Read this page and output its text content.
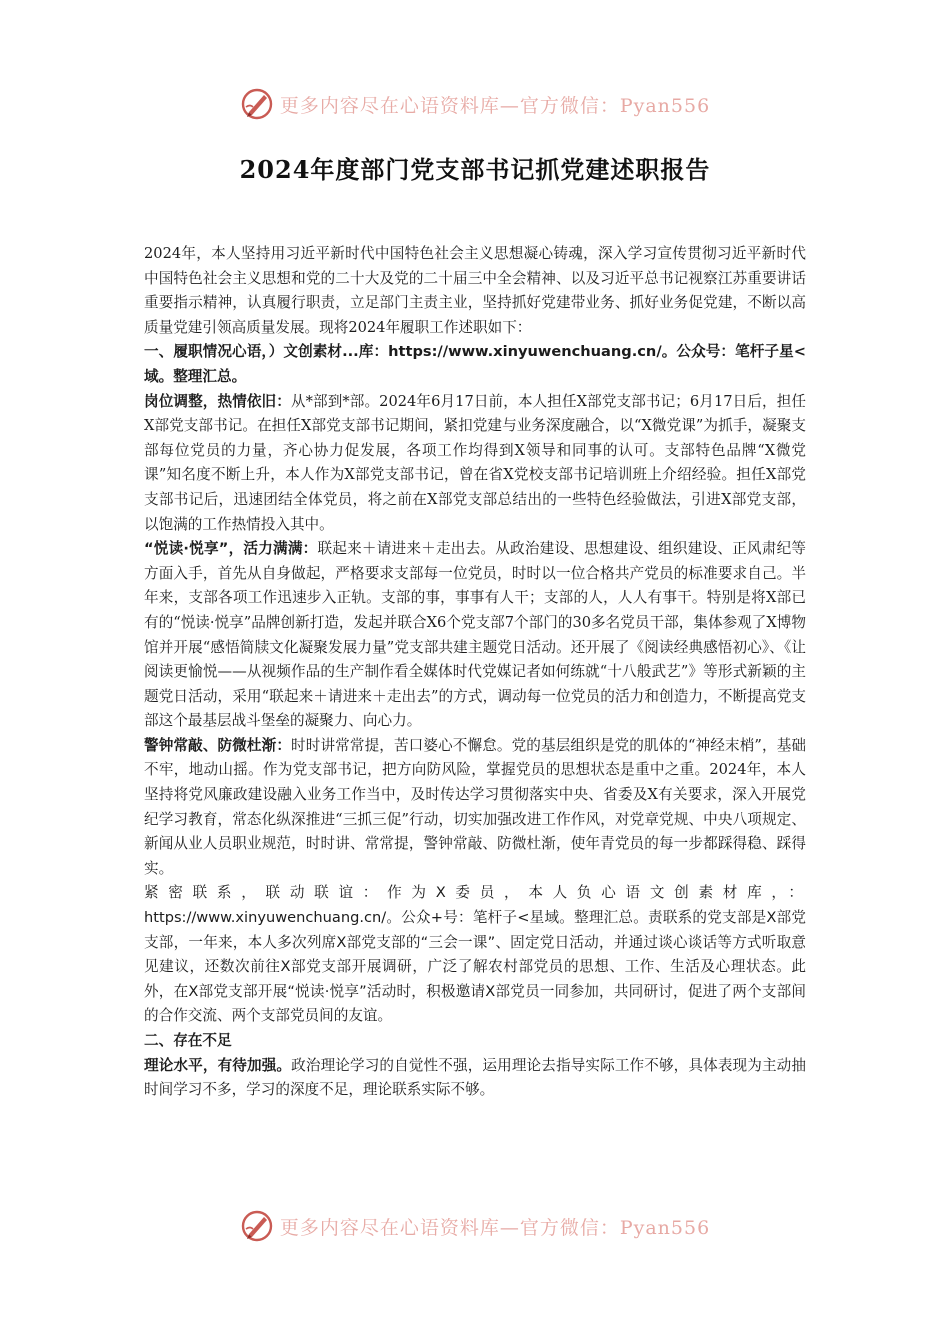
更多内容尽在心语资料库—官方微信：Pyan556
2024年度部门党支部书记抓党建述职报告

2024年，本人坚持用习近平新时代中国特色社会主义思想凝心铸魂，深入学习宣传贯彻习近平新时代中国特色社会主义思想和党的二十大及党的二十届三中全会精神、以及习近平总书记视察江苏重要讲话重要指示精神，认真履行职责，立足部门主责主业，坚持抓好党建带业务、抓好业务促党建，不断以高质量党建引领高质量发展。现将2024年履职工作述职如下：

一、履职情况心语，）文创素材...库：https://www.xinyuwenchuang.cn/。公众号：笔杆子星<域。整理汇总。

岗位调整，热情依旧：从*部到*部。2024年6月17日前，本人担任X部党支部书记；6月17日后，担任X部党支部书记。在担任X部党支部书记期间，紧扣党建与业务深度融合，以“X微党课”为抓手，凝聚支部每位党员的力量，齐心协力促发展，各项工作均得到X领导和同事的认可。支部特色品牌“X微党课”知名度不断上升，本人作为X部党支部书记，曾在省X党校支部书记培训班上介绍经验。担任X部党支部书记后，迅速团结全体党员，将之前在X部党支部总结出的一些特色经验做法，引进X部党支部，以饱满的工作热情投入其中。

“悦读·悦享”，活力满满：联起来＋请进来＋走出去。从政治建设、思想建设、组织建设、正风肃纪等方面入手，首先从自身做起，严格要求支部每一位党员，时时以一位合格共产党员的标准要求自己。半年来，支部各项工作迅速步入正轨。支部的事，事事有人干；支部的人，人人有事干。特别是将X部已有的“悦读·悦享”品牌创新打造，发起并联合X6个党支部7个部门的30多名党员干部，集体参观了X博物馆并开展“感悟简牍文化凝聚发展力量”党支部共建主题党日活动。还开展了《阅读经典感悟初心》、《让阅读更愉悦——从视频作品的生产制作看全媒体时代党媒记者如何练就“十八般武艺”》等形式新颖的主题党日活动，采用“联起来＋请进来＋走出去”的方式，调动每一位党员的活力和创造力，不断提高党支部这个最基层战斗堡垒的凝聚力、向心力。

警钟常敲、防微杜渐：时时讲常常提，苦口婆心不懈怠。党的基层组织是党的肌体的“神经末梢”，基础不牢，地动山摇。作为党支部书记，把方向防风险，掌握党员的思想状态是重中之重。2024年，本人坚持将党风廉政建设融入业务工作当中，及时传达学习贯彻落实中央、省委及X有关要求，深入开展党纪学习教育，常态化纵深推进“三抓三促”行动，切实加强改进工作作风，对党章党规、中央八项规定、新闻从业人员职业规范，时时讲、常常提，警钟常敲、防微杜渐，使年青党员的每一步都踩得稳、踩得实。

紧密联系，联动联谊：作为X委员，本人负心语文创素材库，：https://www.xinyuwenchuang.cn/。公众+号：笔杆子<星域。整理汇总。责联系的党支部是X部党支部，一年来，本人多次列席X部党支部的“三会一课”、固定党日活动，并通过谈心谈话等方式听取意见建议，还数次前往X部党支部开展调研，广泛了解农村部党员的思想、工作、生活及心理状态。此外，在X部党支部开展“悦读·悦享”活动时，积极邀请X部党员一同参加，共同研讨，促进了两个支部间的合作交流、两个支部党员间的友谊。

二、存在不足

理论水平，有待加强。政治理论学习的自觉性不强，运用理论去指导实际工作不够，具体表现为主动抽时间学习不多，学习的深度不足，理论联系实际不够。

更多内容尽在心语资料库—官方微信：Pyan556
